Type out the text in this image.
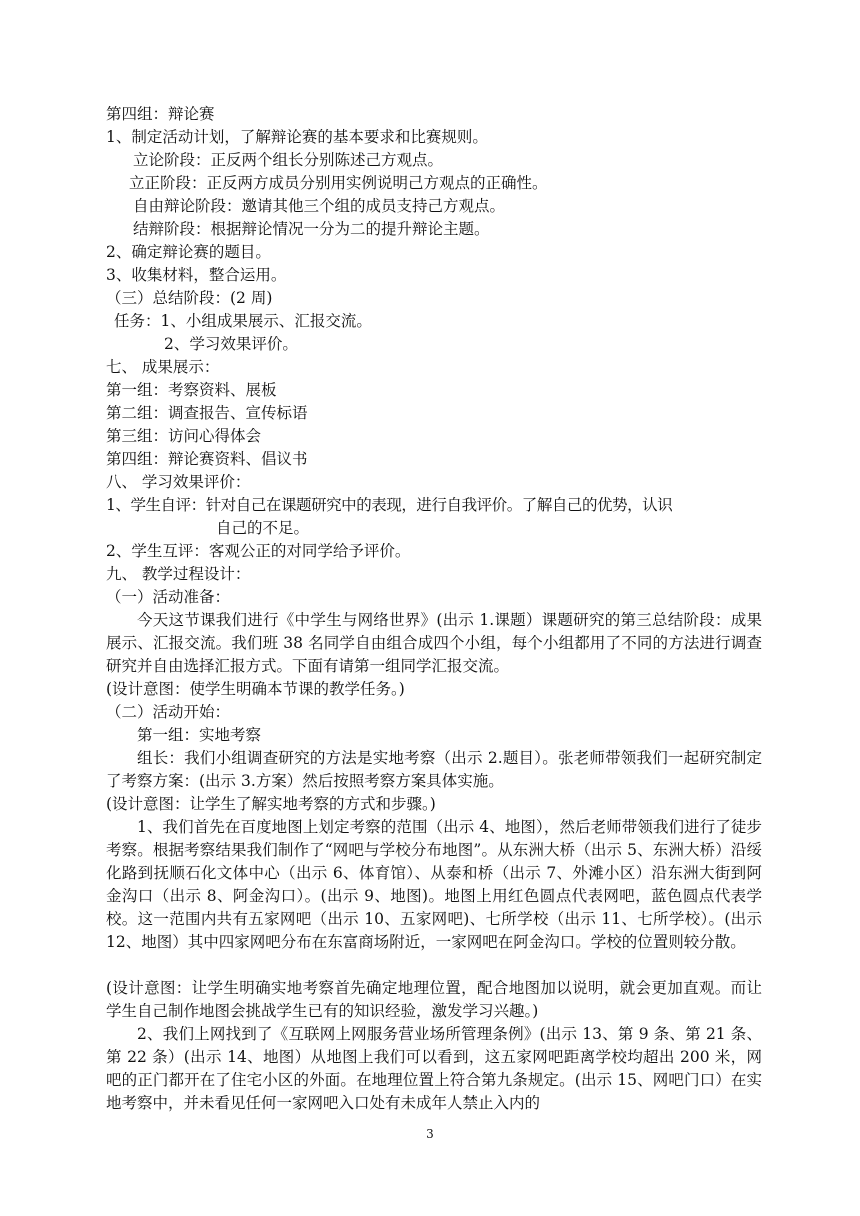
第四组：辩论赛
1、制定活动计划，了解辩论赛的基本要求和比赛规则。
立论阶段：正反两个组长分别陈述己方观点。
立正阶段：正反两方成员分别用实例说明己方观点的正确性。
自由辩论阶段：邀请其他三个组的成员支持己方观点。
结辩阶段：根据辩论情况一分为二的提升辩论主题。
2、确定辩论赛的题目。
3、收集材料，整合运用。
（三）总结阶段：(2 周)
任务：1、小组成果展示、汇报交流。
2、学习效果评价。
七、 成果展示：
第一组：考察资料、展板
第二组：调查报告、宣传标语
第三组：访问心得体会
第四组：辩论赛资料、倡议书
八、 学习效果评价：
1、学生自评：针对自己在课题研究中的表现，进行自我评价。了解自己的优势，认识
自己的不足。
2、学生互评：客观公正的对同学给予评价。
九、 教学过程设计：
（一）活动准备：
今天这节课我们进行《中学生与网络世界》(出示 1.课题）课题研究的第三总结阶段：成果展示、汇报交流。我们班 38 名同学自由组合成四个小组，每个小组都用了不同的方法进行调查研究并自由选择汇报方式。下面有请第一组同学汇报交流。
(设计意图：使学生明确本节课的教学任务。)
（二）活动开始：
第一组：实地考察
组长：我们小组调查研究的方法是实地考察（出示 2.题目）。张老师带领我们一起研究制定了考察方案：(出示 3.方案）然后按照考察方案具体实施。
(设计意图：让学生了解实地考察的方式和步骤。)
1、我们首先在百度地图上划定考察的范围（出示 4、地图），然后老师带领我们进行了徒步考察。根据考察结果我们制作了“网吧与学校分布地图”。从东洲大桥（出示 5、东洲大桥）沿绥化路到抚顺石化文体中心（出示 6、体育馆）、从泰和桥（出示 7、外滩小区）沿东洲大街到阿金沟口（出示 8、阿金沟口）。(出示 9、地图)。地图上用红色圆点代表网吧，蓝色圆点代表学校。这一范围内共有五家网吧（出示 10、五家网吧)、七所学校（出示 11、七所学校）。(出示 12、地图）其中四家网吧分布在东富商场附近，一家网吧在阿金沟口。学校的位置则较分散。
(设计意图：让学生明确实地考察首先确定地理位置，配合地图加以说明，就会更加直观。而让学生自己制作地图会挑战学生已有的知识经验，激发学习兴趣。)
2、我们上网找到了《互联网上网服务营业场所管理条例》(出示 13、第 9 条、第 21 条、第 22 条）(出示 14、地图）从地图上我们可以看到，这五家网吧距离学校均超出 200 米，网吧的正门都开在了住宅小区的外面。在地理位置上符合第九条规定。(出示 15、网吧门口）在实地考察中，并未看见任何一家网吧入口处有未成年人禁止入内的
3
